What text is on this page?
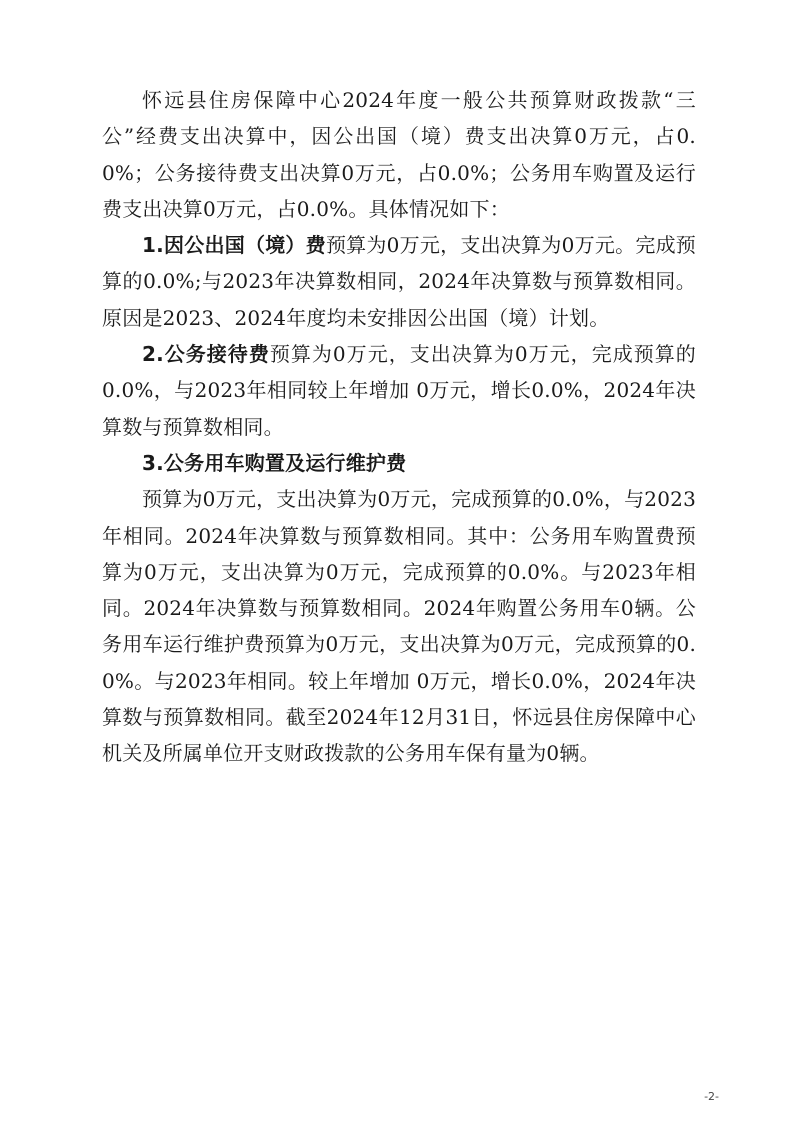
怀远县住房保障中心2024年度一般公共预算财政拨款“三公”经费支出决算中，因公出国（境）费支出决算0万元，占0.0%；公务接待费支出决算0万元，占0.0%；公务用车购置及运行费支出决算0万元，占0.0%。具体情况如下：

1.因公出国（境）费预算为0万元，支出决算为0万元。完成预算的0.0%;与2023年决算数相同，2024年决算数与预算数相同。原因是2023、2024年度均未安排因公出国（境）计划。

2.公务接待费预算为0万元，支出决算为0万元，完成预算的 0.0%，与2023年相同较上年增加 0万元，增长0.0%，2024年决算数与预算数相同。

3.公务用车购置及运行维护费

预算为0万元，支出决算为0万元，完成预算的0.0%，与2023年相同。2024年决算数与预算数相同。其中：公务用车购置费预算为0万元，支出决算为0万元，完成预算的0.0%。与2023年相同。2024年决算数与预算数相同。2024年购置公务用车0辆。公务用车运行维护费预算为0万元，支出决算为0万元，完成预算的0.0%。与2023年相同。较上年增加 0万元，增长0.0%，2024年决算数与预算数相同。截至2024年12月31日，怀远县住房保障中心机关及所属单位开支财政拨款的公务用车保有量为0辆。

-2-
